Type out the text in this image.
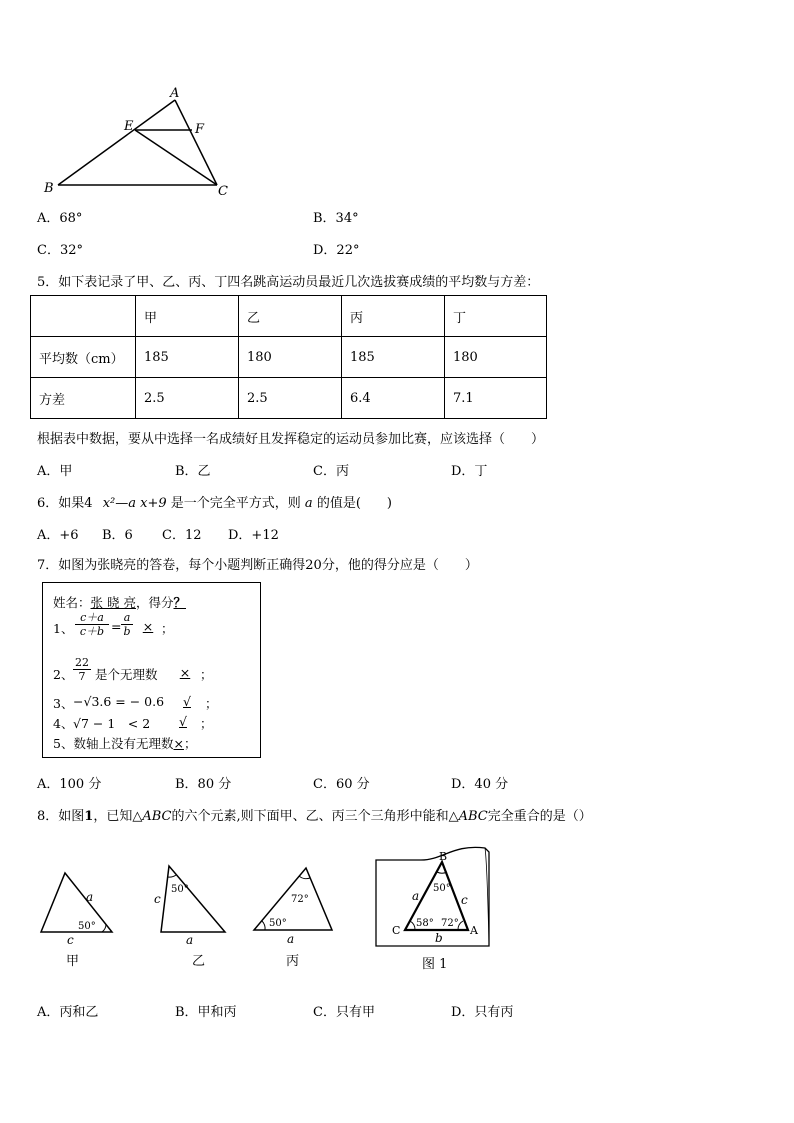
A
E	F
B	C
A．68°	B．34°
C．32°	D．22°
5．如下表记录了甲、乙、丙、丁四名跳高运动员最近几次选拔赛成绩的平均数与方差：
	甲	乙	丙	丁
平均数（cm）	185	180	185	180
方差	2.5	2.5	6.4	7.1
根据表中数据，要从中选择一名成绩好且发挥稳定的运动员参加比赛，应该选择（　　）
A．甲	B．乙	C．丙	D．丁
6．如果4 x²—a x+9 是一个完全平方式，则 a 的值是(　　)
A．+6 B．6 C．12 D．+12
7．如图为张晓亮的答卷，每个小题判断正确得20分，他的得分应是（　　）
姓名：张 晓 亮，得分？
1、 $\frac{c+a}{c+b} = \frac{a}{b}$ × ；
2、 $\frac{22}{7}$ 是个无理数	× ；
3、 −√3.6 = − 0.6	√	；
4、 √7 − 1　< 2	√	；
5、数轴上没有无理数×；
A．100 分	B．80 分	C．60 分	D．40 分
8．如图1，已知△ABC的六个元素,则下面甲、乙、丙三个三角形中能和△ABC完全重合的是（）
a
50°
c
甲
50°
c
a
乙
72°
50°
a
丙
B
C	A
a	c
b
50°
58° 72°
图 1
A．丙和乙	B．甲和丙	C．只有甲	D．只有丙
